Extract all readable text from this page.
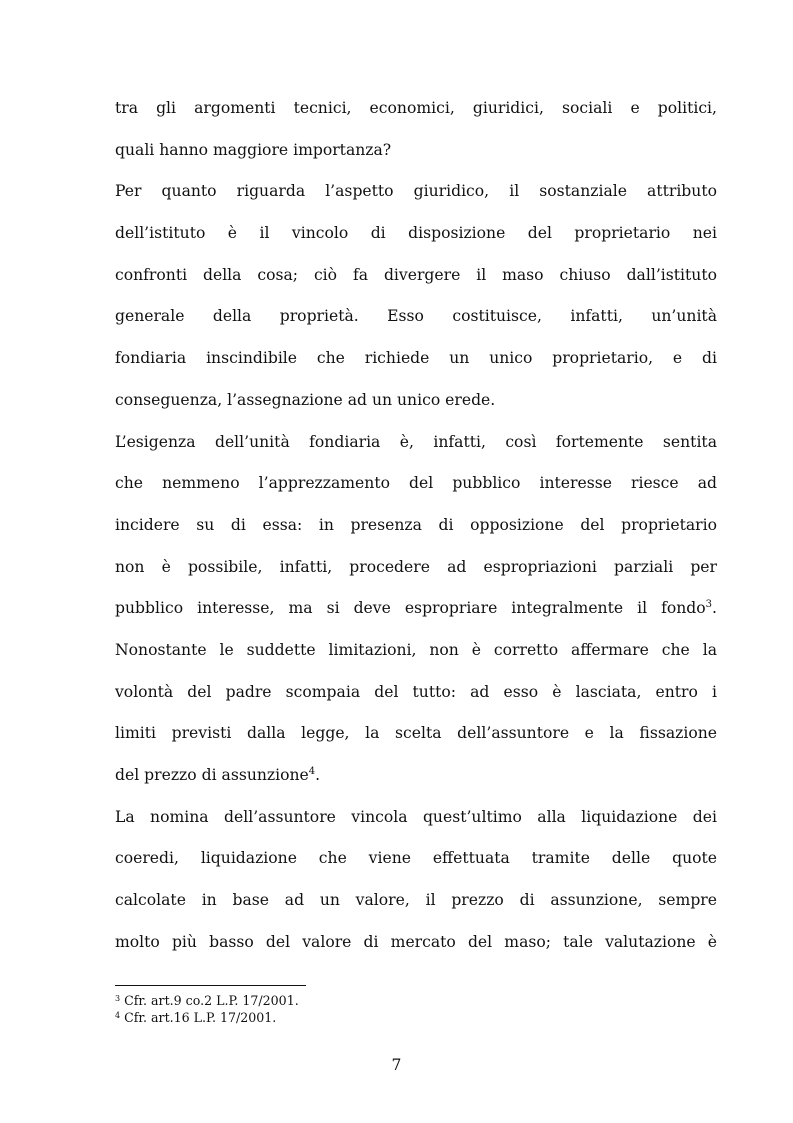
tra gli argomenti tecnici, economici, giuridici, sociali e politici,
quali hanno maggiore importanza?
Per quanto riguarda l’aspetto giuridico, il sostanziale attributo
dell’istituto è il vincolo di disposizione del proprietario nei
confronti della cosa; ciò fa divergere il maso chiuso dall’istituto
generale della proprietà. Esso costituisce, infatti, un’unità
fondiaria inscindibile che richiede un unico proprietario, e di
conseguenza, l’assegnazione ad un unico erede.
L’esigenza dell’unità fondiaria è, infatti, così fortemente sentita
che nemmeno l’apprezzamento del pubblico interesse riesce ad
incidere su di essa: in presenza di opposizione del proprietario
non è possibile, infatti, procedere ad espropriazioni parziali per
pubblico interesse, ma si deve espropriare integralmente il fondo$^3$.
Nonostante le suddette limitazioni, non è corretto affermare che la
volontà del padre scompaia del tutto: ad esso è lasciata, entro i
limiti previsti dalla legge, la scelta dell’assuntore e la fissazione
del prezzo di assunzione$^4$.
La nomina dell’assuntore vincola quest’ultimo alla liquidazione dei
coeredi, liquidazione che viene effettuata tramite delle quote
calcolate in base ad un valore, il prezzo di assunzione, sempre
molto più basso del valore di mercato del maso; tale valutazione è
$^3$ Cfr. art.9 co.2 L.P. 17/2001.
$^4$ Cfr. art.16 L.P. 17/2001.
7
